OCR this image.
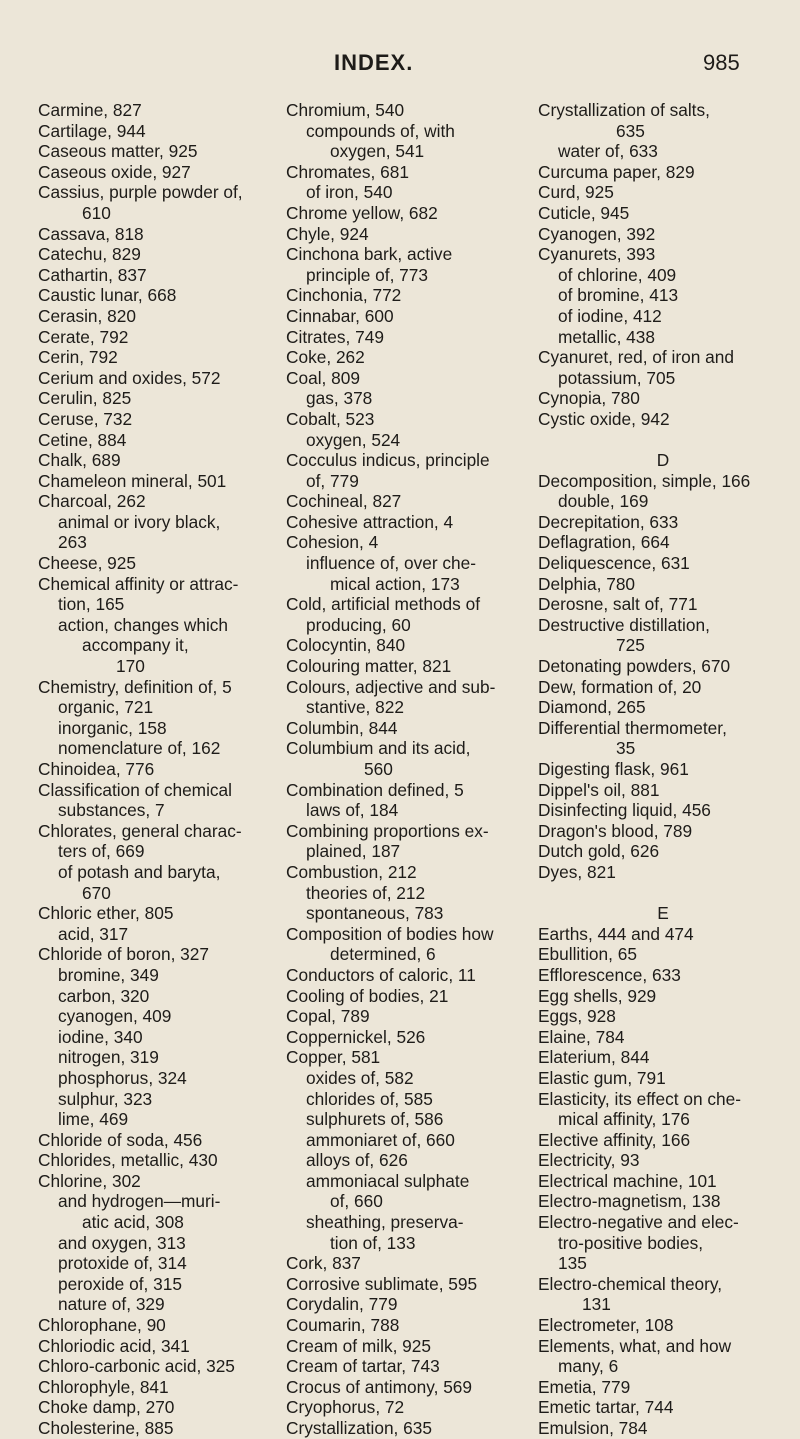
INDEX.	985
Carmine, 827
Cartilage, 944
Caseous matter, 925
Caseous oxide, 927
Cassius, purple powder of,
610
Cassava, 818
Catechu, 829
Cathartin, 837
Caustic lunar, 668
Cerasin, 820
Cerate, 792
Cerin, 792
Cerium and oxides, 572
Cerulin, 825
Ceruse, 732
Cetine, 884
Chalk, 689
Chameleon mineral, 501
Charcoal, 262
animal or ivory black,
263
Cheese, 925
Chemical affinity or attrac-
tion, 165
action, changes which
accompany it,
170
Chemistry, definition of, 5
organic, 721
inorganic, 158
nomenclature of, 162
Chinoidea, 776
Classification of chemical
substances, 7
Chlorates, general charac-
ters of, 669
of potash and baryta,
670
Chloric ether, 805
acid, 317
Chloride of boron, 327
bromine, 349
carbon, 320
cyanogen, 409
iodine, 340
nitrogen, 319
phosphorus, 324
sulphur, 323
lime, 469
Chloride of soda, 456
Chlorides, metallic, 430
Chlorine, 302
and hydrogen—muri-
atic acid, 308
and oxygen, 313
protoxide of, 314
peroxide of, 315
nature of, 329
Chlorophane, 90
Chloriodic acid, 341
Chloro-carbonic acid, 325
Chlorophyle, 841
Choke damp, 270
Cholesterine, 885
Chromium, 540
compounds of, with
oxygen, 541
Chromates, 681
of iron, 540
Chrome yellow, 682
Chyle, 924
Cinchona bark, active
principle of, 773
Cinchonia, 772
Cinnabar, 600
Citrates, 749
Coke, 262
Coal, 809
gas, 378
Cobalt, 523
oxygen, 524
Cocculus indicus, principle
of, 779
Cochineal, 827
Cohesive attraction, 4
Cohesion, 4
influence of, over che-
mical action, 173
Cold, artificial methods of
producing, 60
Colocyntin, 840
Colouring matter, 821
Colours, adjective and sub-
stantive, 822
Columbin, 844
Columbium and its acid,
560
Combination defined, 5
laws of, 184
Combining proportions ex-
plained, 187
Combustion, 212
theories of, 212
spontaneous, 783
Composition of bodies how
determined, 6
Conductors of caloric, 11
Cooling of bodies, 21
Copal, 789
Coppernickel, 526
Copper, 581
oxides of, 582
chlorides of, 585
sulphurets of, 586
ammoniaret of, 660
alloys of, 626
ammoniacal sulphate
of, 660
sheathing, preserva-
tion of, 133
Cork, 837
Corrosive sublimate, 595
Corydalin, 779
Coumarin, 788
Cream of milk, 925
Cream of tartar, 743
Crocus of antimony, 569
Cryophorus, 72
Crystallization, 635
Crystallization of salts,
635
water of, 633
Curcuma paper, 829
Curd, 925
Cuticle, 945
Cyanogen, 392
Cyanurets, 393
of chlorine, 409
of bromine, 413
of iodine, 412
metallic, 438
Cyanuret, red, of iron and
potassium, 705
Cynopia, 780
Cystic oxide, 942
D
Decomposition, simple, 166
double, 169
Decrepitation, 633
Deflagration, 664
Deliquescence, 631
Delphia, 780
Derosne, salt of, 771
Destructive distillation,
725
Detonating powders, 670
Dew, formation of, 20
Diamond, 265
Differential thermometer,
35
Digesting flask, 961
Dippel's oil, 881
Disinfecting liquid, 456
Dragon's blood, 789
Dutch gold, 626
Dyes, 821
E
Earths, 444 and 474
Ebullition, 65
Efflorescence, 633
Egg shells, 929
Eggs, 928
Elaine, 784
Elaterium, 844
Elastic gum, 791
Elasticity, its effect on che-
mical affinity, 176
Elective affinity, 166
Electricity, 93
Electrical machine, 101
Electro-magnetism, 138
Electro-negative and elec-
tro-positive bodies,
135
Electro-chemical theory,
131
Electrometer, 108
Elements, what, and how
many, 6
Emetia, 779
Emetic tartar, 744
Emulsion, 784
